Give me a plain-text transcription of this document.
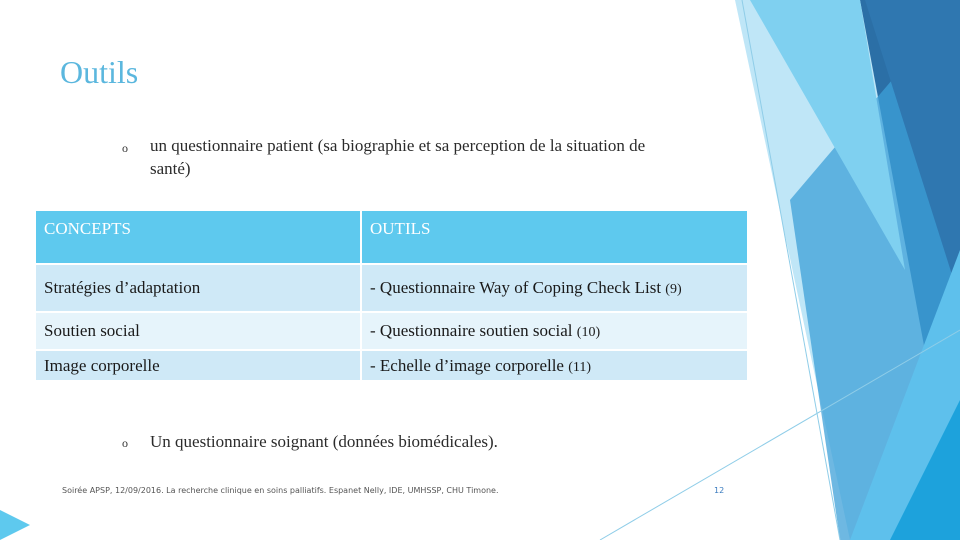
Outils
o un questionnaire patient (sa biographie et sa perception de la situation de santé)
CONCEPTS	OUTILS
Stratégies d’adaptation	- Questionnaire Way of Coping Check List (9)
Soutien social	- Questionnaire soutien social (10)
Image corporelle	- Echelle d’image corporelle (11)
o Un questionnaire soignant (données biomédicales).
Soirée APSP, 12/09/2016. La recherche clinique en soins palliatifs. Espanet Nelly, IDE, UMHSSP, CHU Timone.	12
